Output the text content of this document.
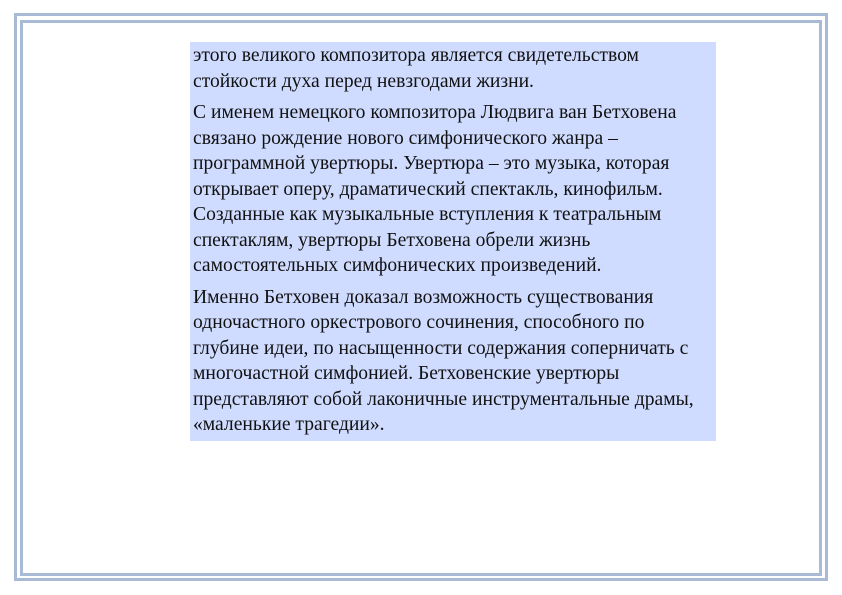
этого великого композитора является свидетельством стойкости духа перед невзгодами жизни.

С именем немецкого композитора Людвига ван Бетховена связано рождение нового симфонического жанра – программной увертюры. Увертюра – это музыка, которая открывает оперу, драматический спектакль, кинофильм. Созданные как музыкальные вступления к театральным спектаклям, увертюры Бетховена обрели жизнь самостоятельных симфонических произведений.

Именно Бетховен доказал возможность существования одночастного оркестрового сочинения, способного по глубине идеи, по насыщенности содержания соперничать с многочастной симфонией. Бетховенские увертюры представляют собой лаконичные инструментальные драмы, «маленькие трагедии».
